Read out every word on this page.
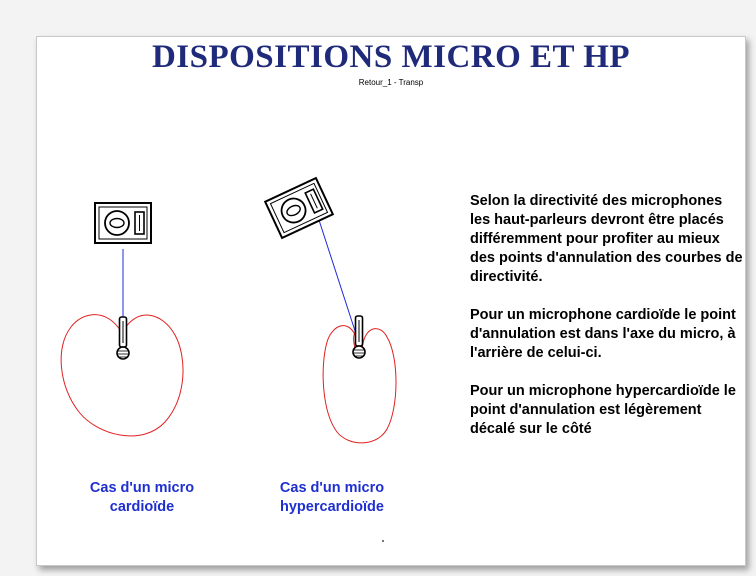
DISPOSITIONS MICRO ET HP
Retour_1 - Transp
Cas d'un micro
cardioïde
Cas d'un micro
hypercardioïde

Selon la directivité des microphones les haut-parleurs devront être placés différemment pour profiter au mieux des points d'annulation des courbes de directivité.

Pour un microphone cardioïde le point d'annulation est dans l'axe du micro, à l'arrière de celui-ci.

Pour un microphone hypercardioïde le point d'annulation est légèrement décalé sur le côté
